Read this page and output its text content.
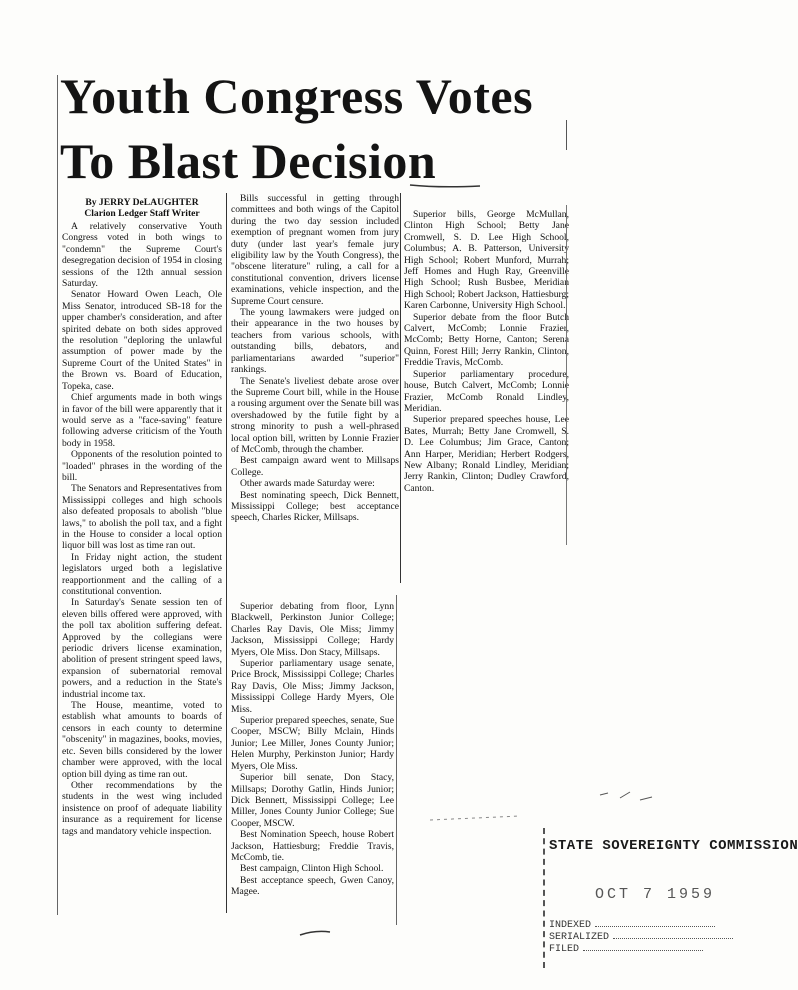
Youth Congress Votes
To Blast Decision

By JERRY DeLAUGHTER

Clarion Ledger Staff Writer

A relatively conservative Youth Congress voted in both wings to "condemn" the Supreme Court's desegregation decision of 1954 in closing sessions of the 12th annual session Saturday.

Senator Howard Owen Leach, Ole Miss Senator, introduced SB-18 for the upper chamber's consideration, and after spirited debate on both sides approved the resolution "deploring the unlawful assumption of power made by the Supreme Court of the United States" in the Brown vs. Board of Education, Topeka, case.

Chief arguments made in both wings in favor of the bill were apparently that it would serve as a "face-saving" feature following adverse criticism of the Youth body in 1958.

Opponents of the resolution pointed to "loaded" phrases in the wording of the bill.

The Senators and Representatives from Mississippi colleges and high schools also defeated proposals to abolish "blue laws," to abolish the poll tax, and a fight in the House to consider a local option liquor bill was lost as time ran out.

In Friday night action, the student legislators urged both a legislative reapportionment and the calling of a constitutional convention.

In Saturday's Senate session ten of eleven bills offered were approved, with the poll tax abolition suffering defeat. Approved by the collegians were periodic drivers license examination, abolition of present stringent speed laws, expansion of subernatorial removal powers, and a reduction in the State's industrial income tax.

The House, meantime, voted to establish what amounts to boards of censors in each county to determine "obscenity" in magazines, books, movies, etc. Seven bills considered by the lower chamber were approved, with the local option bill dying as time ran out.

Other recommendations by the students in the west wing included insistence on proof of adequate liability insurance as a requirement for license tags and mandatory vehicle inspection.

Bills successful in getting through committees and both wings of the Capitol during the two day session included exemption of pregnant women from jury duty (under last year's female jury eligibility law by the Youth Congress), the "obscene literature" ruling, a call for a constitutional convention, drivers license examinations, vehicle inspection, and the Supreme Court censure.

The young lawmakers were judged on their appearance in the two houses by teachers from various schools, with outstanding bills, debators, and parliamentarians awarded "superior" rankings.

The Senate's liveliest debate arose over the Supreme Court bill, while in the House a rousing argument over the Senate bill was overshadowed by the futile fight by a strong minority to push a well-phrased local option bill, written by Lonnie Frazier of McComb, through the chamber.

Best campaign award went to Millsaps College.

Other awards made Saturday were:

Best nominating speech, Dick Bennett, Mississippi College; best acceptance speech, Charles Ricker, Millsaps.

Superior bills, George McMullan, Clinton High School; Betty Jane Cromwell, S. D. Lee High School, Columbus; A. B. Patterson, University High School; Robert Munford, Murrah; Jeff Homes and Hugh Ray, Greenville High School; Rush Busbee, Meridian High School; Robert Jackson, Hattiesburg; Karen Carbonne, University High School.

Superior debate from the floor Butch Calvert, McComb; Lonnie Frazier, McComb; Betty Horne, Canton; Serena Quinn, Forest Hill; Jerry Rankin, Clinton, Freddie Travis, McComb.

Superior parliamentary procedure, house, Butch Calvert, McComb; Lonnie Frazier, McComb Ronald Lindley, Meridian.

Superior prepared speeches house, Lee Bates, Murrah; Betty Jane Cromwell, S. D. Lee Columbus; Jim Grace, Canton; Ann Harper, Meridian; Herbert Rodgers, New Albany; Ronald Lindley, Meridian; Jerry Rankin, Clinton; Dudley Crawford, Canton.

Superior debating from floor, Lynn Blackwell, Perkinston Junior College; Charles Ray Davis, Ole Miss; Jimmy Jackson, Mississippi College; Hardy Myers, Ole Miss. Don Stacy, Millsaps.

Superior parliamentary usage senate, Price Brock, Mississippi College; Charles Ray Davis, Ole Miss; Jimmy Jackson, Mississippi College Hardy Myers, Ole Miss.

Superior prepared speeches, senate, Sue Cooper, MSCW; Billy Mclain, Hinds Junior; Lee Miller, Jones County Junior; Helen Murphy, Perkinston Junior; Hardy Myers, Ole Miss.

Superior bill senate, Don Stacy, Millsaps; Dorothy Gatlin, Hinds Junior; Dick Bennett, Mississippi College; Lee Miller, Jones County Junior College; Sue Cooper, MSCW.

Best Nomination Speech, house Robert Jackson, Hattiesburg; Freddie Travis, McComb, tie.

Best campaign, Clinton High School.

Best acceptance speech, Gwen Canoy, Magee.

STATE SOVEREIGNTY COMMISSION
OCT 7 1959
INDEXED
SERIALIZED
FILED
